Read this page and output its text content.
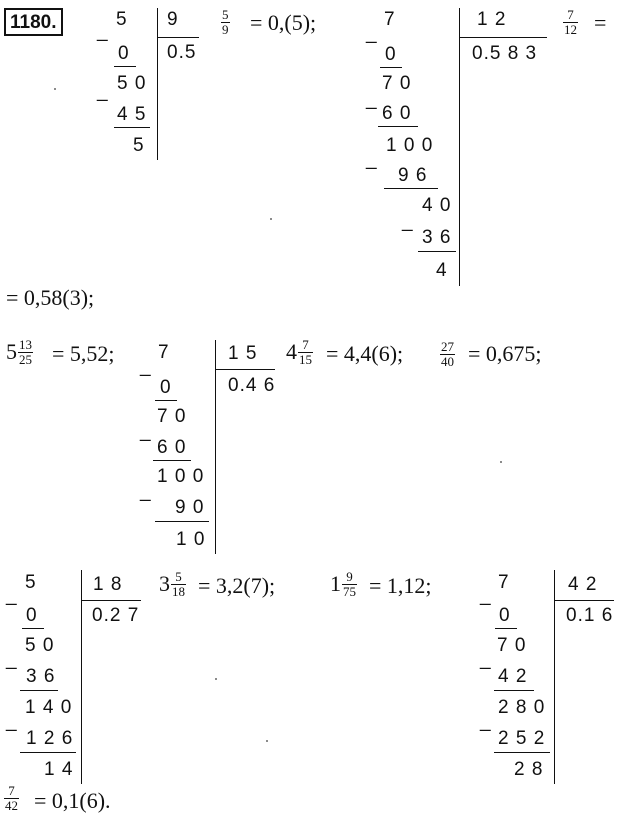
1180.	_
5
0
_ 5 0
4 5
5
9
0.5
$\frac{5}{9} = 0,(5)$;	_
7
0
7 0
_
6 0
1 0 0
_
9 6
4 0
_
3 6
4
1 2
0.5 8 3
$\frac{7}{12}$ =
= 0,58(3);
$5 \frac{13}{25} = 5,52$;
_
7
0
7 0
_
6 0
1 0 0
_
9 0
1 0
1 5
0.4 6
$4 \frac{7}{15} = 4,4(6)$;	$\frac{27}{40} = 0,675$;
_
5
0
5 0
_
3 6
1 4 0
_
1 2 6
1 4
1 8
0.2 7
$3 \frac{5}{18} = 3,2(7)$; $1 \frac{9}{75} = 1,12$;	_
7
0
7 0
_
4 2
2 8 0
_
2 5 2
2 8
4 2
0.1 6
$\frac{7}{42} = 0,1(6)$.
